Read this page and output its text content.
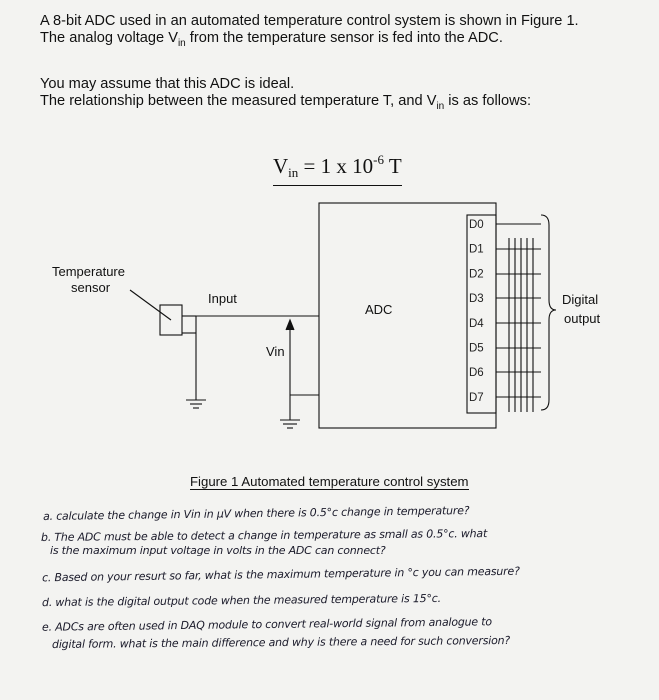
A 8-bit ADC used in an automated temperature control system is shown in Figure 1.
The analog voltage $V_{in}$ from the temperature sensor is fed into the ADC.
You may assume that this ADC is ideal.
The relationship between the measured temperature T, and $V_{in}$ is as follows:
$V_{in} = 1$ x $10^{-6}$ T
Temperature
sensor
Input
Vin
ADC
D0
D1
D2
D3
D4
D5
D6
D7
Digital
output
Figure 1 Automated temperature control system
a. calculate the change in Vin in μV when there is 0.5°c change in temperature?
b. The ADC must be able to detect a change in temperature as small as 0.5°c. what
is the maximum input voltage in volts in the ADC can connect?
c. Based on your resurt so far, what is the maximum temperature in °c you can measure?
d. what is the digital output code when the measured temperature is 15°c.
e. ADCs are often used in DAQ module to convert real-world signal from analogue to
digital form. what is the main difference and why is there a need for such conversion?
